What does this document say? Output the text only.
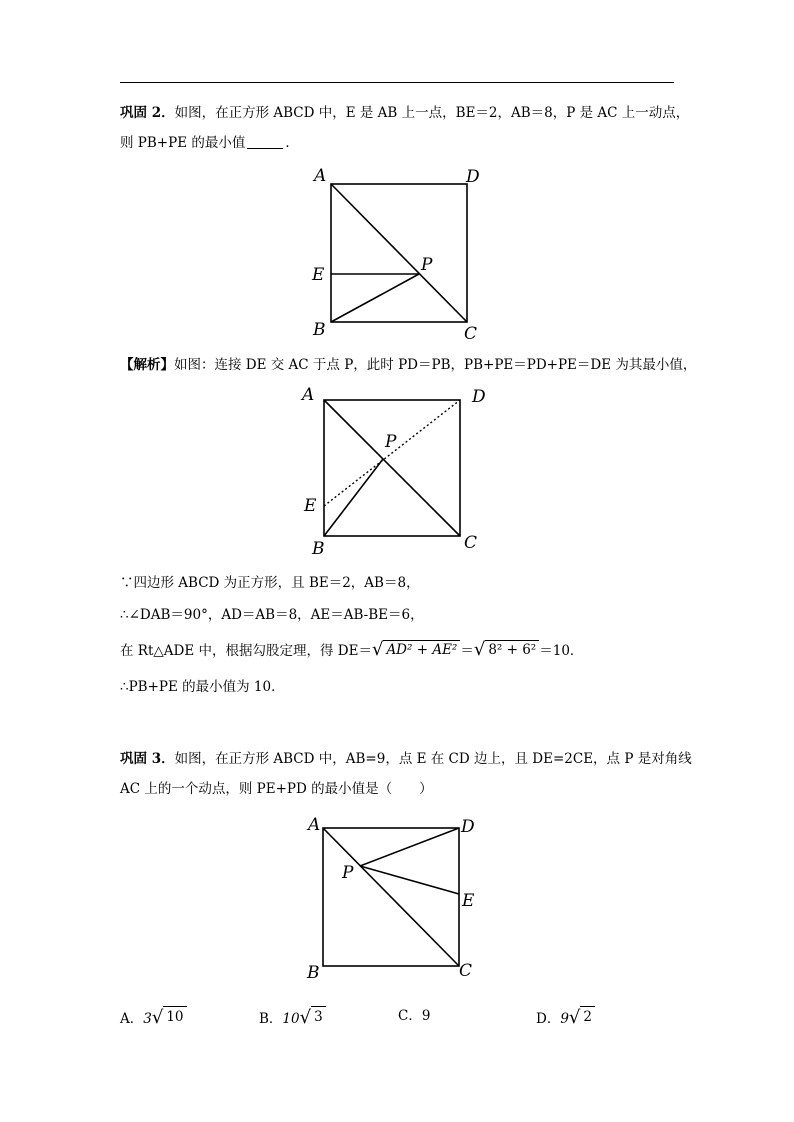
巩固 2．如图，在正方形 ABCD 中，E 是 AB 上一点，BE＝2，AB＝8，P 是 AC 上一动点，
则 PB+PE 的最小值	．
A	D
E	P
B	C
【解析】如图：连接 DE 交 AC 于点 P，此时 PD＝PB，PB+PE＝PD+PE＝DE 为其最小值，
A	D
P
E
B	C
∵四边形 ABCD 为正方形，且 BE＝2，AB＝8，
∴∠DAB＝90°，AD＝AB＝8，AE＝AB-BE＝6，
在 Rt△ADE 中，根据勾股定理，得 DE＝ √ AD² + AE² ＝ √ 8² + 6² ＝10．
∴PB+PE 的最小值为 10．
巩固 3．如图，在正方形 ABCD 中，AB=9，点 E 在 CD 边上，且 DE=2CE，点 P 是对角线
AC 上的一个动点，则 PE+PD 的最小值是（　　）
A	D
P
E
B	C
A．3 √ 10	B．10 √ 3	C．9	D．9 √ 2
